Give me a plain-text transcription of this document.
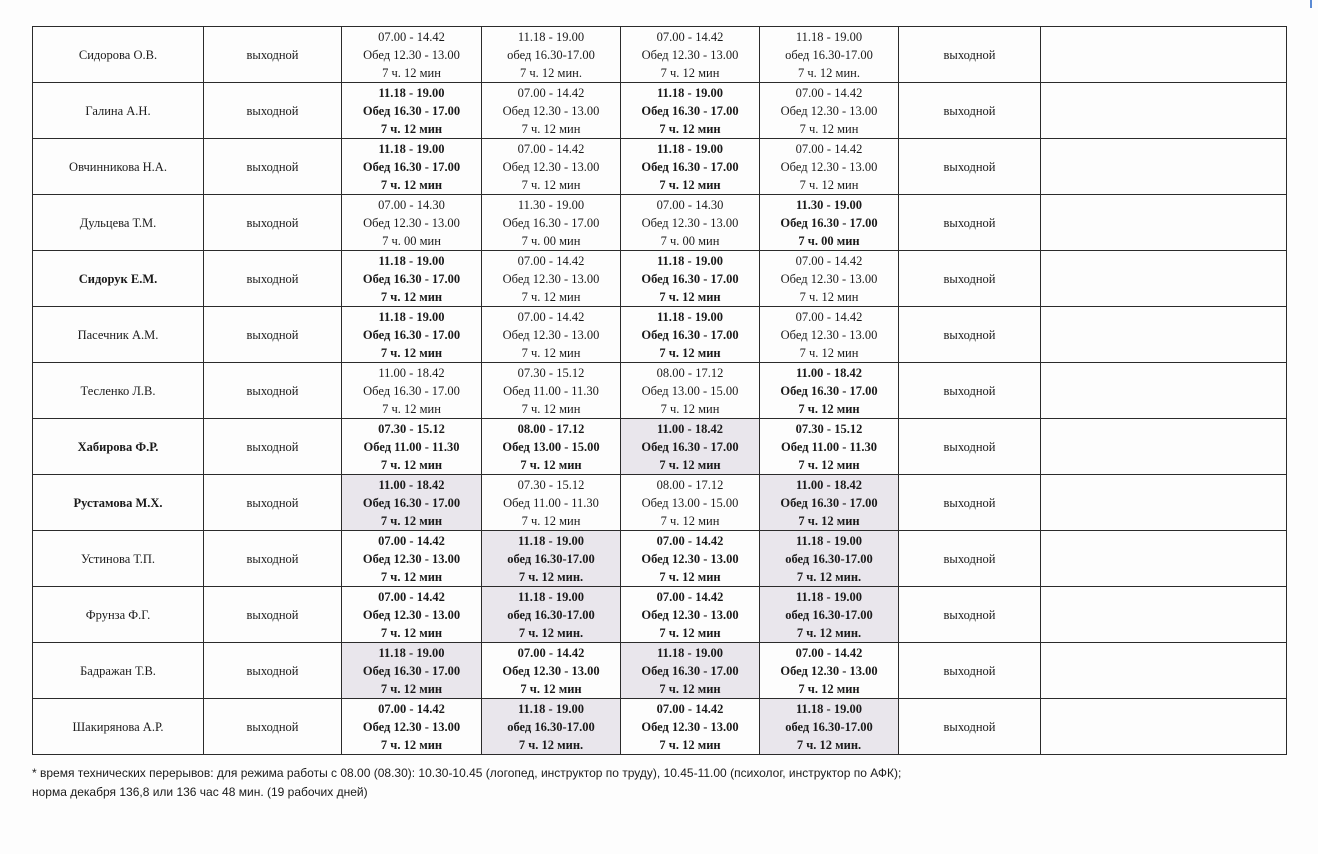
Сидорова О.В.	выходной	07.00 - 14.42
Обед 12.30 - 13.00
7 ч. 12 мин	11.18 - 19.00
обед 16.30-17.00
7 ч. 12 мин.	07.00 - 14.42
Обед 12.30 - 13.00
7 ч. 12 мин	11.18 - 19.00
обед 16.30-17.00
7 ч. 12 мин.	выходной	
Галина А.Н.	выходной	11.18 - 19.00
Обед 16.30 - 17.00
7 ч. 12 мин	07.00 - 14.42
Обед 12.30 - 13.00
7 ч. 12 мин	11.18 - 19.00
Обед 16.30 - 17.00
7 ч. 12 мин	07.00 - 14.42
Обед 12.30 - 13.00
7 ч. 12 мин	выходной	
Овчинникова Н.А.	выходной	11.18 - 19.00
Обед 16.30 - 17.00
7 ч. 12 мин	07.00 - 14.42
Обед 12.30 - 13.00
7 ч. 12 мин	11.18 - 19.00
Обед 16.30 - 17.00
7 ч. 12 мин	07.00 - 14.42
Обед 12.30 - 13.00
7 ч. 12 мин	выходной	
Дульцева Т.М.	выходной	07.00 - 14.30
Обед 12.30 - 13.00
7 ч. 00 мин	11.30 - 19.00
Обед 16.30 - 17.00
7 ч. 00 мин	07.00 - 14.30
Обед 12.30 - 13.00
7 ч. 00 мин	11.30 - 19.00
Обед 16.30 - 17.00
7 ч. 00 мин	выходной	
Сидорук Е.М.	выходной	11.18 - 19.00
Обед 16.30 - 17.00
7 ч. 12 мин	07.00 - 14.42
Обед 12.30 - 13.00
7 ч. 12 мин	11.18 - 19.00
Обед 16.30 - 17.00
7 ч. 12 мин	07.00 - 14.42
Обед 12.30 - 13.00
7 ч. 12 мин	выходной	
Пасечник А.М.	выходной	11.18 - 19.00
Обед 16.30 - 17.00
7 ч. 12 мин	07.00 - 14.42
Обед 12.30 - 13.00
7 ч. 12 мин	11.18 - 19.00
Обед 16.30 - 17.00
7 ч. 12 мин	07.00 - 14.42
Обед 12.30 - 13.00
7 ч. 12 мин	выходной	
Тесленко Л.В.	выходной	11.00 - 18.42
Обед 16.30 - 17.00
7 ч. 12 мин	07.30 - 15.12
Обед 11.00 - 11.30
7 ч. 12 мин	08.00 - 17.12
Обед 13.00 - 15.00
7 ч. 12 мин	11.00 - 18.42
Обед 16.30 - 17.00
7 ч. 12 мин	выходной	
Хабирова Ф.Р.	выходной	07.30 - 15.12
Обед 11.00 - 11.30
7 ч. 12 мин	08.00 - 17.12
Обед 13.00 - 15.00
7 ч. 12 мин	11.00 - 18.42
Обед 16.30 - 17.00
7 ч. 12 мин	07.30 - 15.12
Обед 11.00 - 11.30
7 ч. 12 мин	выходной	
Рустамова М.Х.	выходной	11.00 - 18.42
Обед 16.30 - 17.00
7 ч. 12 мин	07.30 - 15.12
Обед 11.00 - 11.30
7 ч. 12 мин	08.00 - 17.12
Обед 13.00 - 15.00
7 ч. 12 мин	11.00 - 18.42
Обед 16.30 - 17.00
7 ч. 12 мин	выходной	
Устинова Т.П.	выходной	07.00 - 14.42
Обед 12.30 - 13.00
7 ч. 12 мин	11.18 - 19.00
обед 16.30-17.00
7 ч. 12 мин.	07.00 - 14.42
Обед 12.30 - 13.00
7 ч. 12 мин	11.18 - 19.00
обед 16.30-17.00
7 ч. 12 мин.	выходной	
Фрунза Ф.Г.	выходной	07.00 - 14.42
Обед 12.30 - 13.00
7 ч. 12 мин	11.18 - 19.00
обед 16.30-17.00
7 ч. 12 мин.	07.00 - 14.42
Обед 12.30 - 13.00
7 ч. 12 мин	11.18 - 19.00
обед 16.30-17.00
7 ч. 12 мин.	выходной	
Бадражан Т.В.	выходной	11.18 - 19.00
Обед 16.30 - 17.00
7 ч. 12 мин	07.00 - 14.42
Обед 12.30 - 13.00
7 ч. 12 мин	11.18 - 19.00
Обед 16.30 - 17.00
7 ч. 12 мин	07.00 - 14.42
Обед 12.30 - 13.00
7 ч. 12 мин	выходной	
Шакирянова А.Р.	выходной	07.00 - 14.42
Обед 12.30 - 13.00
7 ч. 12 мин	11.18 - 19.00
обед 16.30-17.00
7 ч. 12 мин.	07.00 - 14.42
Обед 12.30 - 13.00
7 ч. 12 мин	11.18 - 19.00
обед 16.30-17.00
7 ч. 12 мин.	выходной	
* время технических перерывов: для режима работы с 08.00 (08.30): 10.30-10.45 (логопед, инструктор по труду), 10.45-11.00 (психолог, инструктор по АФК);
норма декабря 136,8 или 136 час 48 мин. (19 рабочих дней)
